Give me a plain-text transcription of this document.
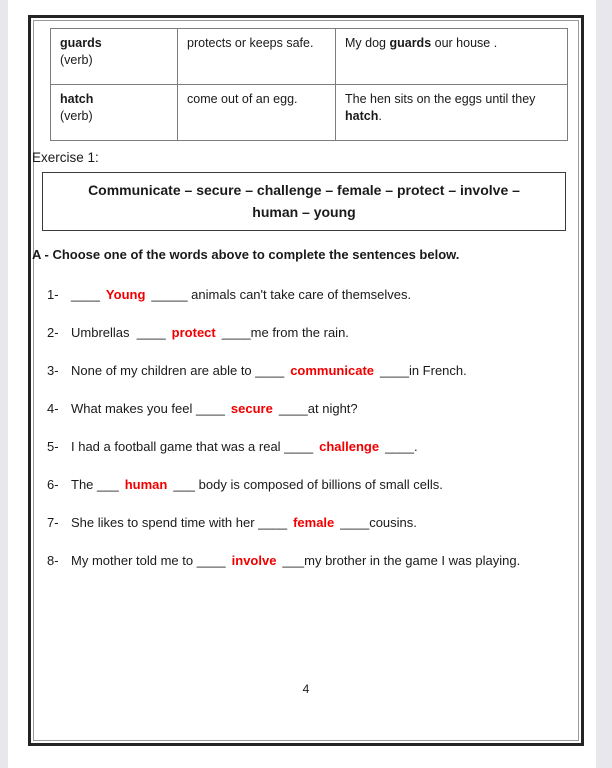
guards
(verb)	protects or keeps safe.	My dog guards our house .

hatch
(verb)	come out of an egg.	The hen sits on the eggs until they hatch.
Exercise 1:
Communicate – secure – challenge – female – protect – involve –
human – young
A - Choose one of the words above to complete the sentences below.
1- ____ Young _____ animals can't take care of themselves.
2- Umbrellas  ____ protect ____me from the rain.
3- None of my children are able to ____ communicate ____in French.
4- What makes you feel ____ secure ____at night?
5- I had a football game that was a real ____ challenge ____.
6- The ___ human ___ body is composed of billions of small cells.
7- She likes to spend time with her ____ female ____cousins.
8- My mother told me to ____ involve ___my brother in the game I was playing.
4
